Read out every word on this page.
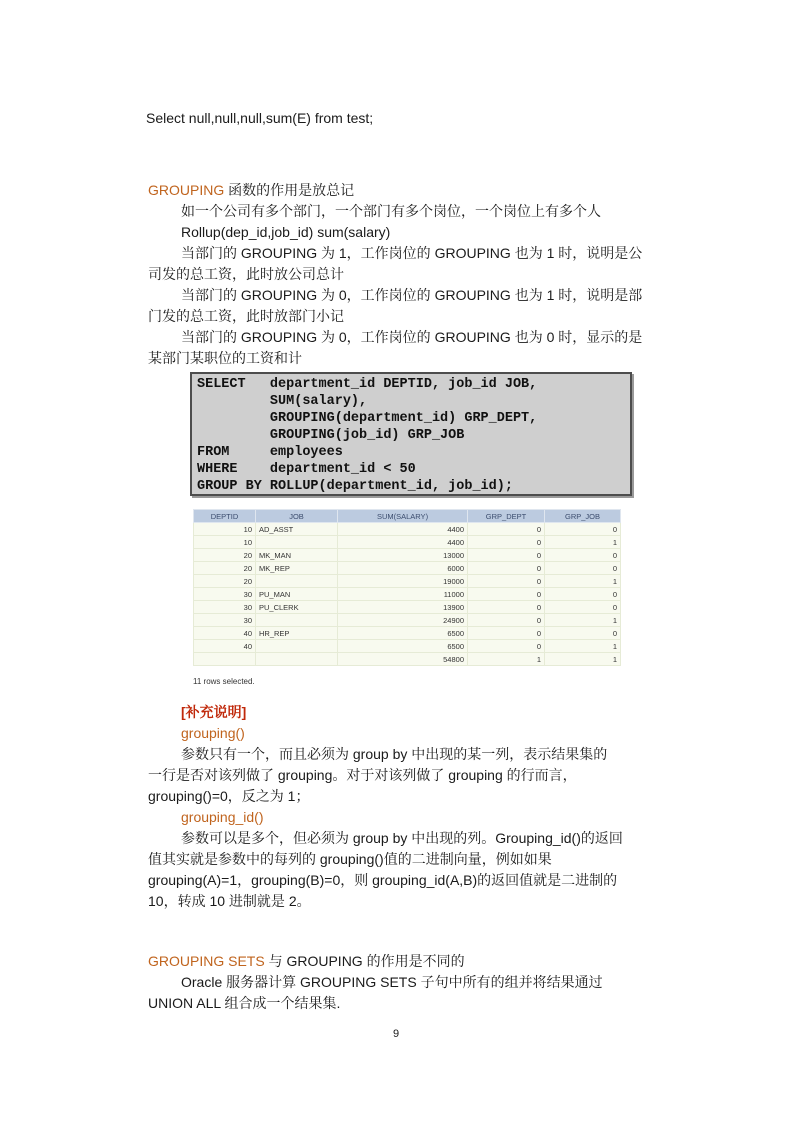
Select null,null,null,sum(E) from test;
GROUPING 函数的作用是放总记
如一个公司有多个部门，一个部门有多个岗位，一个岗位上有多个人
Rollup(dep_id,job_id) sum(salary)
当部门的 GROUPING 为 1，工作岗位的 GROUPING 也为 1 时，说明是公
司发的总工资，此时放公司总计
当部门的 GROUPING 为 0，工作岗位的 GROUPING 也为 1 时，说明是部
门发的总工资，此时放部门小记
当部门的 GROUPING 为 0，工作岗位的 GROUPING 也为 0 时，显示的是
某部门某职位的工资和计
SELECT   department_id DEPTID, job_id JOB,
SUM(salary),
GROUPING(department_id) GRP_DEPT,
GROUPING(job_id) GRP_JOB
FROM     employees
WHERE    department_id < 50
GROUP BY ROLLUP(department_id, job_id);
DEPTID	JOB	SUM(SALARY)	GRP_DEPT	GRP_JOB
10	AD_ASST	4400	0	0
10		4400	0	1
20	MK_MAN	13000	0	0
20	MK_REP	6000	0	0
20		19000	0	1
30	PU_MAN	11000	0	0
30	PU_CLERK	13900	0	0
30		24900	0	1
40	HR_REP	6500	0	0
40		6500	0	1
		54800	1	1
11 rows selected.
[补充说明]
grouping()
参数只有一个，而且必须为 group by 中出现的某一列，表示结果集的
一行是否对该列做了 grouping。对于对该列做了 grouping 的行而言，
grouping()=0，反之为 1；
grouping_id()
参数可以是多个，但必须为 group by 中出现的列。Grouping_id()的返回
值其实就是参数中的每列的 grouping()值的二进制向量，例如如果
grouping(A)=1，grouping(B)=0，则 grouping_id(A,B)的返回值就是二进制的
10，转成 10 进制就是 2。
GROUPING SETS 与 GROUPING 的作用是不同的
Oracle 服务器计算 GROUPING SETS 子句中所有的组并将结果通过
UNION ALL 组合成一个结果集.
9
